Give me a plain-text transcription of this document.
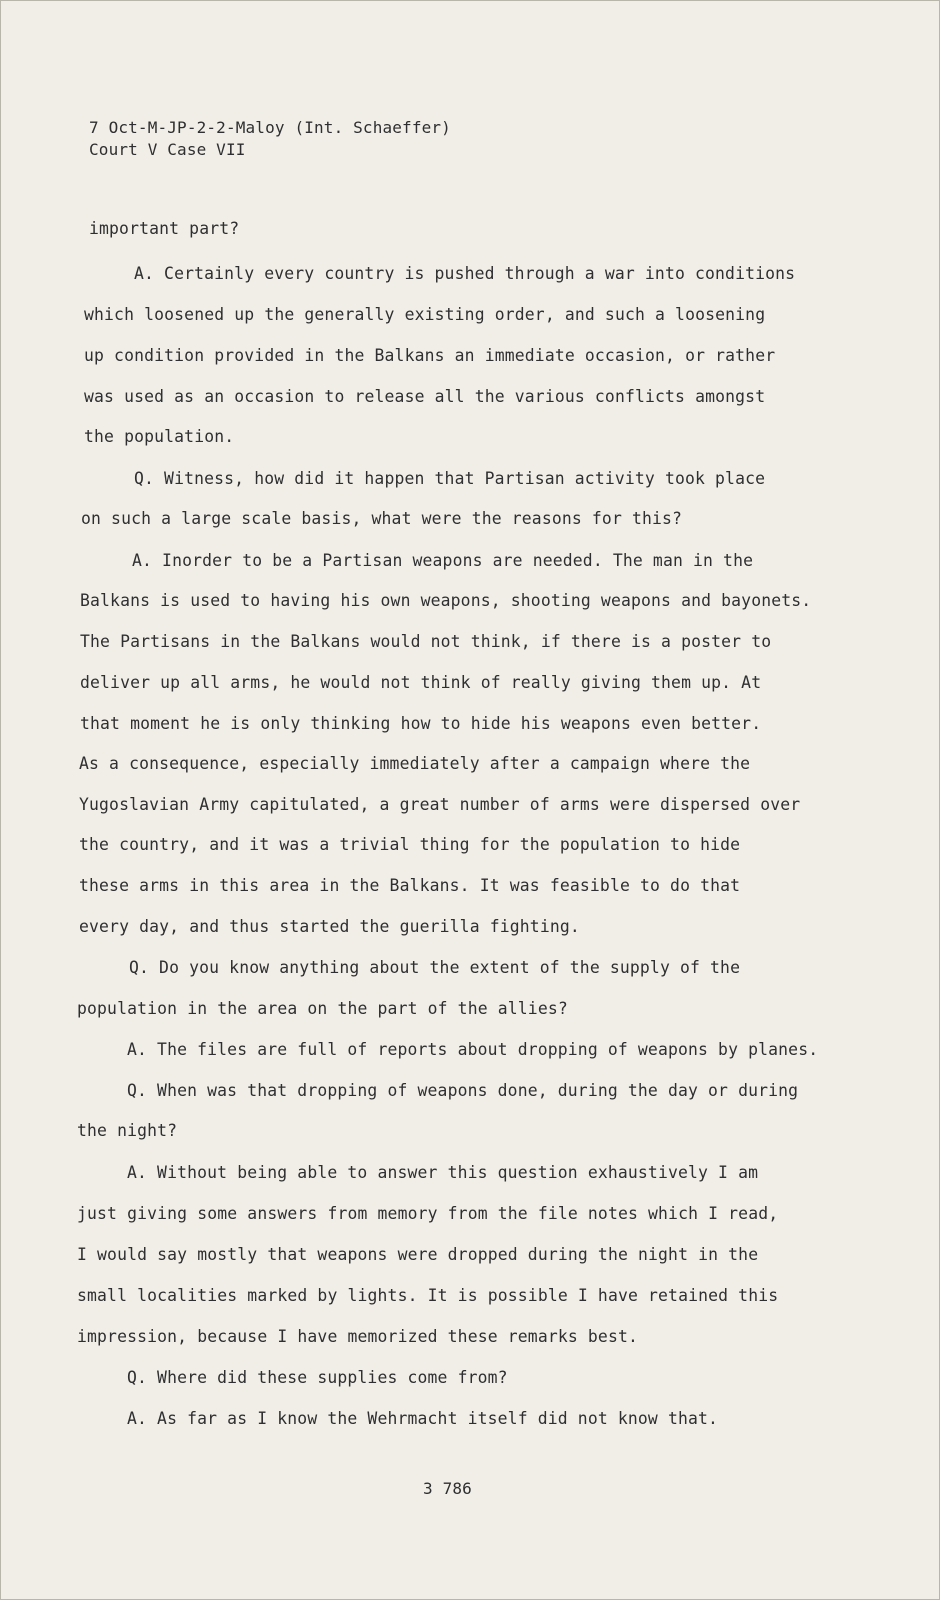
7 Oct-M-JP-2-2-Maloy (Int. Schaeffer)
Court V Case VII
important part?
A. Certainly every country is pushed through a war into conditions
which loosened up the generally existing order, and such a loosening
up condition provided in the Balkans an immediate occasion, or rather
was used as an occasion to release all the various conflicts amongst
the population.
Q. Witness, how did it happen that Partisan activity took place
on such a large scale basis, what were the reasons for this?
A. Inorder to be a Partisan weapons are needed. The man in the
Balkans is used to having his own weapons, shooting weapons and bayonets.
The Partisans in the Balkans would not think, if there is a poster to
deliver up all arms, he would not think of really giving them up. At
that moment he is only thinking how to hide his weapons even better.
As a consequence, especially immediately after a campaign where the
Yugoslavian Army capitulated, a great number of arms were dispersed over
the country, and it was a trivial thing for the population to hide
these arms in this area in the Balkans. It was feasible to do that
every day, and thus started the guerilla fighting.
Q. Do you know anything about the extent of the supply of the
population in the area on the part of the allies?
A. The files are full of reports about dropping of weapons by planes.
Q. When was that dropping of weapons done, during the day or during
the night?
A. Without being able to answer this question exhaustively I am
just giving some answers from memory from the file notes which I read,
I would say mostly that weapons were dropped during the night in the
small localities marked by lights. It is possible I have retained this
impression, because I have memorized these remarks best.
Q. Where did these supplies come from?
A. As far as I know the Wehrmacht itself did not know that.
3 786
